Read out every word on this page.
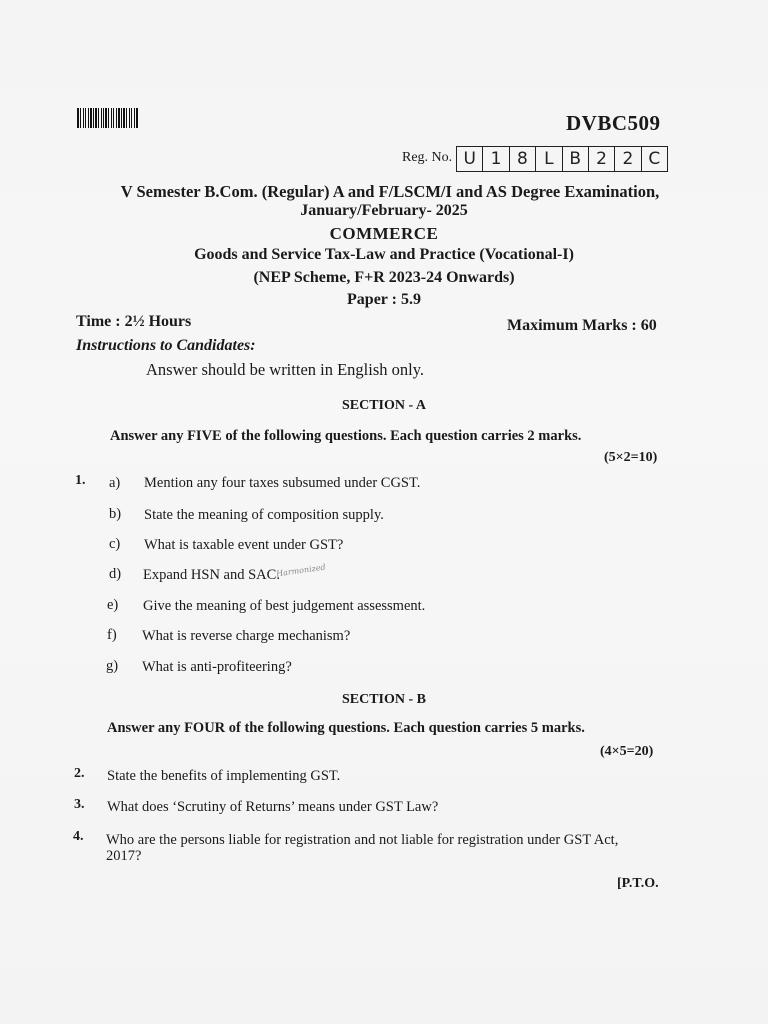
DVBC509
Reg. No. U 1 8 L B 2 2 C
V Semester B.Com. (Regular) A and F/LSCM/I and AS Degree Examination,
January/February- 2025
COMMERCE
Goods and Service Tax-Law and Practice (Vocational-I)
(NEP Scheme, F+R 2023-24 Onwards)
Paper : 5.9
Time : 2½ Hours	Maximum Marks : 60
Instructions to Candidates:
Answer should be written in English only.
SECTION - A
Answer any FIVE of the following questions. Each question carries 2 marks.
(5×2=10)
1. a) Mention any four taxes subsumed under CGST.
b) State the meaning of composition supply.
c) What is taxable event under GST?
d) Expand HSN and SAC.
Harmonized
e) Give the meaning of best judgement assessment.
f) What is reverse charge mechanism?
g) What is anti-profiteering?
SECTION - B
Answer any FOUR of the following questions. Each question carries 5 marks.
(4×5=20)
2. State the benefits of implementing GST.
3. What does ‘Scrutiny of Returns’ means under GST Law?
4. Who are the persons liable for registration and not liable for registration under GST Act,
2017?
[P.T.O.
